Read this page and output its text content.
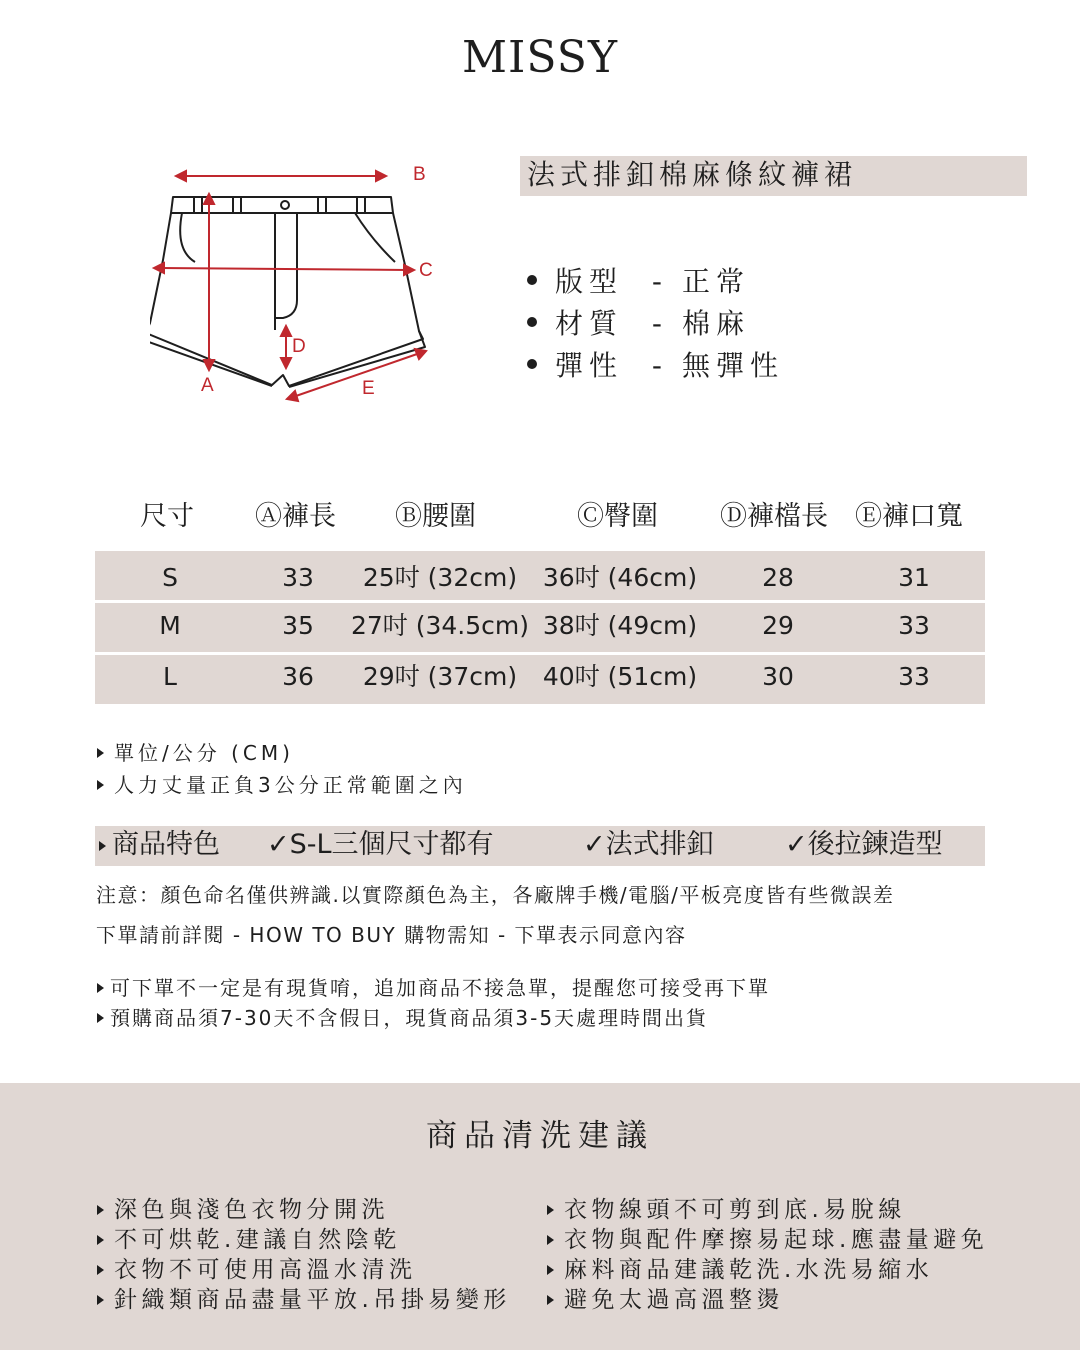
MISSY
B
C
D
A	E
法式排釦棉麻條紋褲裙
版型 - 正常
材質 - 棉麻
彈性 - 無彈性
尺寸 Ⓐ褲長 Ⓑ腰圍	Ⓒ臀圍 Ⓓ褲檔長 Ⓔ褲口寬
S	33	25吋 (32cm)	36吋 (46cm)	28	31
M	35	27吋 (34.5cm) 38吋 (49cm)	29	33
L	36	29吋 (37cm)	40吋 (51cm)	30	33
單位/公分 (CM)
人力丈量正負3公分正常範圍之內
商品特色 ✓S-L三個尺寸都有	✓法式排釦	✓後拉鍊造型
注意：顏色命名僅供辨識.以實際顏色為主，各廠牌手機/電腦/平板亮度皆有些微誤差
下單請前詳閱 - HOW TO BUY 購物需知 - 下單表示同意內容
可下單不一定是有現貨唷，追加商品不接急單，提醒您可接受再下單
預購商品須7-30天不含假日，現貨商品須3-5天處理時間出貨
商品清洗建議
深色與淺色衣物分開洗
不可烘乾.建議自然陰乾
衣物不可使用高溫水清洗
針織類商品盡量平放.吊掛易變形
衣物線頭不可剪到底.易脫線
衣物與配件摩擦易起球.應盡量避免
麻料商品建議乾洗.水洗易縮水
避免太過高溫整燙
